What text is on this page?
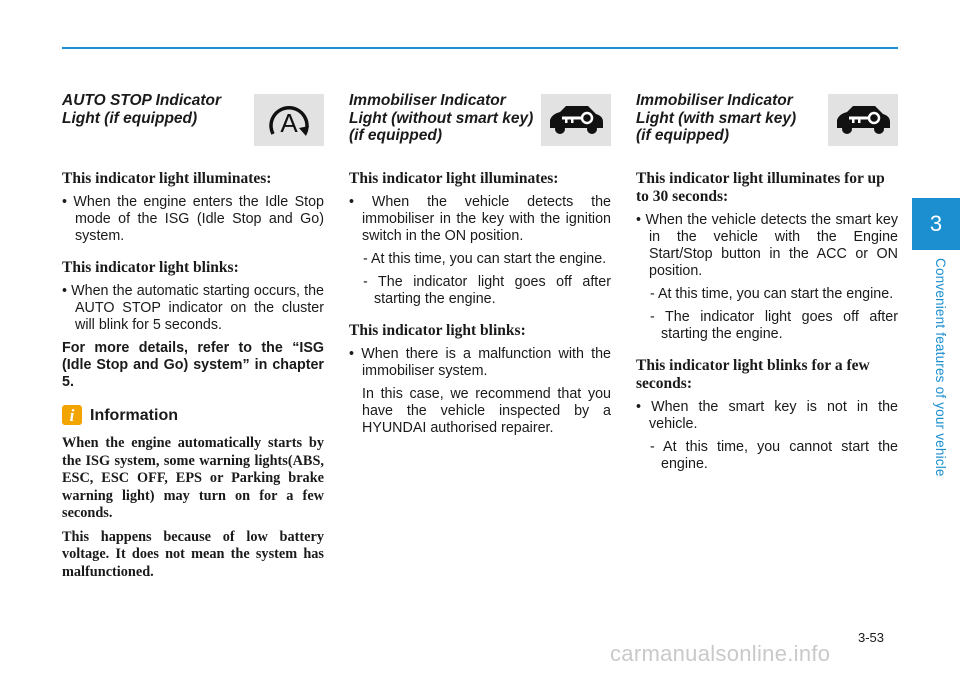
AUTO STOP Indicator
Light (if equipped)	A
This indicator light illuminates:

• When the engine enters the Idle Stop mode of the ISG (Idle Stop and Go) system.

This indicator light blinks:

• When the automatic starting occurs, the AUTO STOP indicator on the cluster will blink for 5 seconds.

For more details, refer to the “ISG (Idle Stop and Go) system” in chapter 5.

i Information

When the engine automatically starts by the ISG system, some warning lights(ABS, ESC, ESC OFF, EPS or Parking brake warning light) may turn on for a few seconds.

This happens because of low battery voltage. It does not mean the system has malfunctioned.

Immobiliser Indicator
Light (without smart key)
(if equipped)
This indicator light illuminates:

• When the vehicle detects the immobiliser in the key with the ignition switch in the ON position.

- At this time, you can start the engine.

- The indicator light goes off after starting the engine.

This indicator light blinks:

• When there is a malfunction with the immobiliser system.

In this case, we recommend that you have the vehicle inspected by a HYUNDAI authorised repairer.

Immobiliser Indicator
Light (with smart key)
(if equipped)
This indicator light illuminates for up to 30 seconds:

• When the vehicle detects the smart key in the vehicle with the Engine Start/Stop button in the ACC or ON position.

- At this time, you can start the engine.

- The indicator light goes off after starting the engine.

This indicator light blinks for a few seconds:

• When the smart key is not in the vehicle.

- At this time, you cannot start the engine.

3
Convenient features of your vehicle
3-53
carmanualsonline.info
